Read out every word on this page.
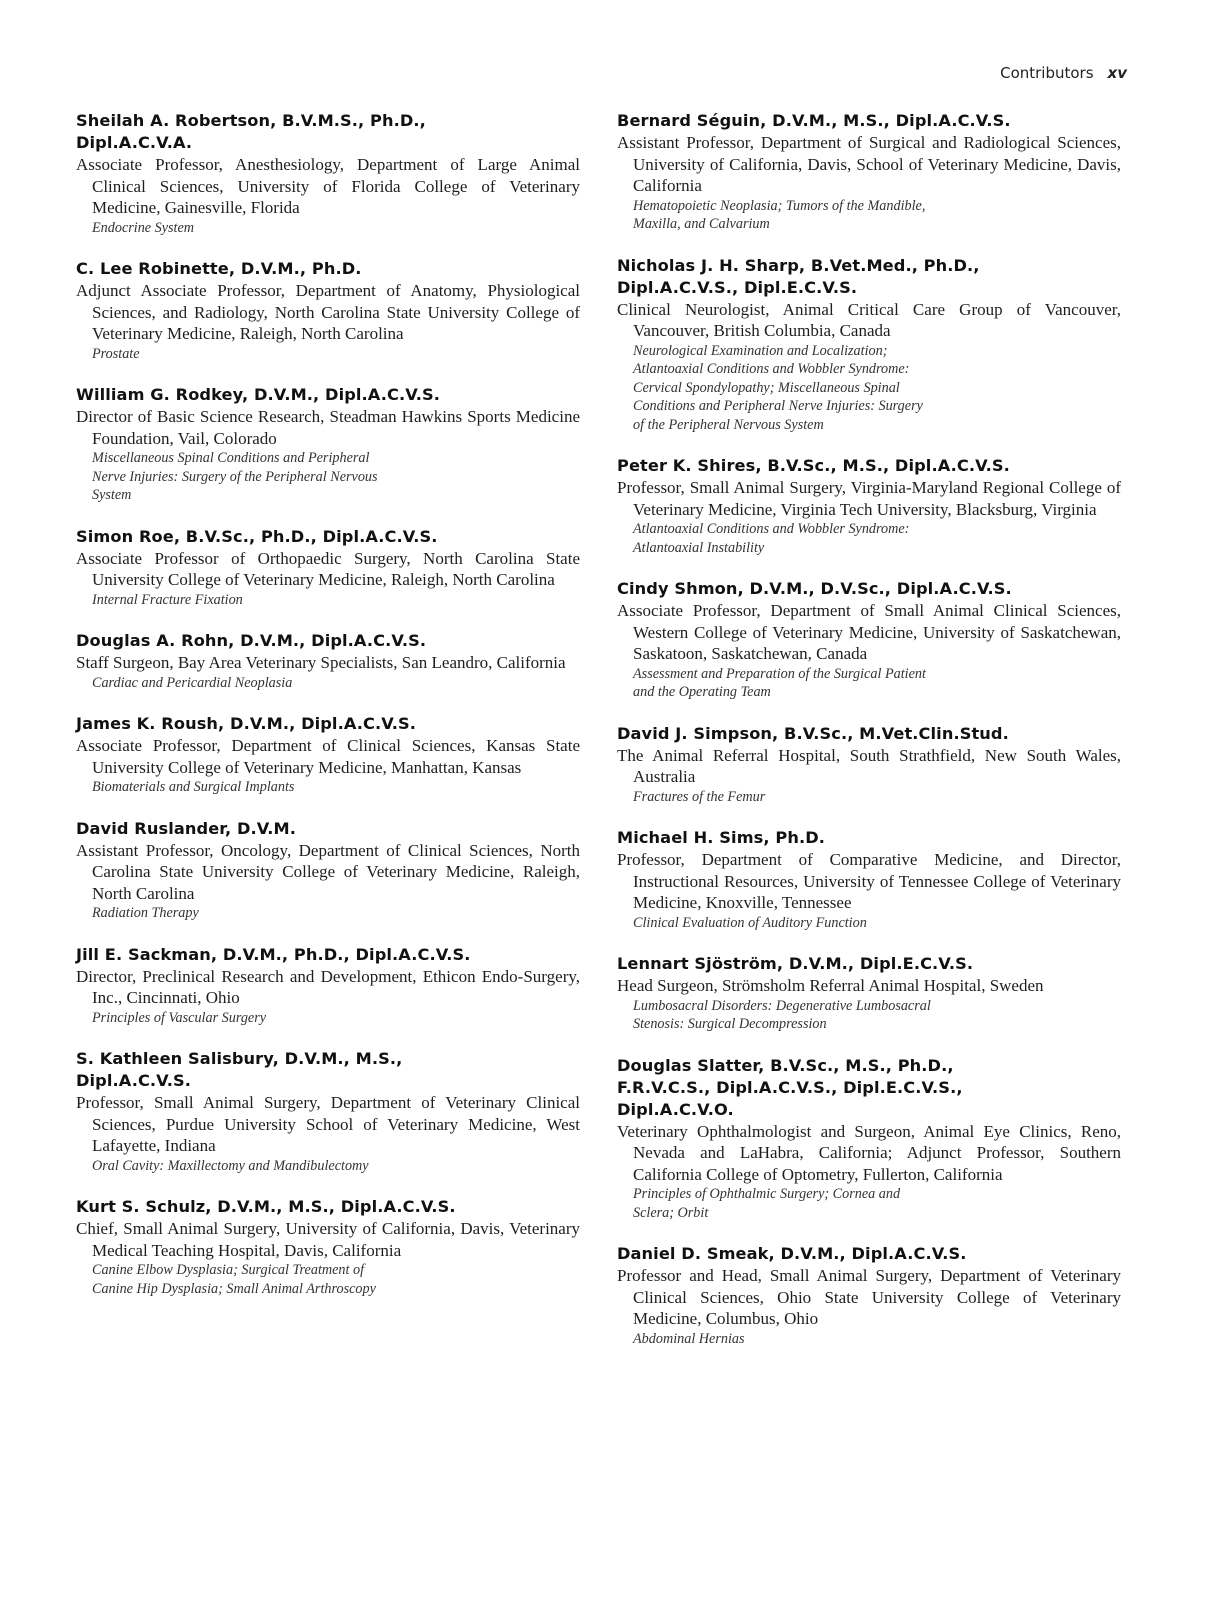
Contributors xv
Sheilah A. Robertson, B.V.M.S., Ph.D.,
Dipl.A.C.V.A.
Associate Professor, Anesthesiology, Department of Large Animal Clinical Sciences, University of Florida College of Veterinary Medicine, Gainesville, Florida
Endocrine System
C. Lee Robinette, D.V.M., Ph.D.
Adjunct Associate Professor, Department of Anatomy, Physiological Sciences, and Radiology, North Carolina State University College of Veterinary Medicine, Raleigh, North Carolina
Prostate
William G. Rodkey, D.V.M., Dipl.A.C.V.S.
Director of Basic Science Research, Steadman Hawkins Sports Medicine Foundation, Vail, Colorado
Miscellaneous Spinal Conditions and Peripheral
Nerve Injuries: Surgery of the Peripheral Nervous
System
Simon Roe, B.V.Sc., Ph.D., Dipl.A.C.V.S.
Associate Professor of Orthopaedic Surgery, North Carolina State University College of Veterinary Medicine, Raleigh, North Carolina
Internal Fracture Fixation
Douglas A. Rohn, D.V.M., Dipl.A.C.V.S.
Staff Surgeon, Bay Area Veterinary Specialists, San Leandro, California
Cardiac and Pericardial Neoplasia
James K. Roush, D.V.M., Dipl.A.C.V.S.
Associate Professor, Department of Clinical Sciences, Kansas State University College of Veterinary Medicine, Manhattan, Kansas
Biomaterials and Surgical Implants
David Ruslander, D.V.M.
Assistant Professor, Oncology, Department of Clinical Sciences, North Carolina State University College of Veterinary Medicine, Raleigh, North Carolina
Radiation Therapy
Jill E. Sackman, D.V.M., Ph.D., Dipl.A.C.V.S.
Director, Preclinical Research and Development, Ethicon Endo-Surgery, Inc., Cincinnati, Ohio
Principles of Vascular Surgery
S. Kathleen Salisbury, D.V.M., M.S.,
Dipl.A.C.V.S.
Professor, Small Animal Surgery, Department of Veterinary Clinical Sciences, Purdue University School of Veterinary Medicine, West Lafayette, Indiana
Oral Cavity: Maxillectomy and Mandibulectomy
Kurt S. Schulz, D.V.M., M.S., Dipl.A.C.V.S.
Chief, Small Animal Surgery, University of California, Davis, Veterinary Medical Teaching Hospital, Davis, California
Canine Elbow Dysplasia; Surgical Treatment of
Canine Hip Dysplasia; Small Animal Arthroscopy
Bernard Séguin, D.V.M., M.S., Dipl.A.C.V.S.
Assistant Professor, Department of Surgical and Radiological Sciences, University of California, Davis, School of Veterinary Medicine, Davis, California
Hematopoietic Neoplasia; Tumors of the Mandible,
Maxilla, and Calvarium
Nicholas J. H. Sharp, B.Vet.Med., Ph.D.,
Dipl.A.C.V.S., Dipl.E.C.V.S.
Clinical Neurologist, Animal Critical Care Group of Vancouver, Vancouver, British Columbia, Canada
Neurological Examination and Localization;
Atlantoaxial Conditions and Wobbler Syndrome:
Cervical Spondylopathy; Miscellaneous Spinal
Conditions and Peripheral Nerve Injuries: Surgery
of the Peripheral Nervous System
Peter K. Shires, B.V.Sc., M.S., Dipl.A.C.V.S.
Professor, Small Animal Surgery, Virginia-Maryland Regional College of Veterinary Medicine, Virginia Tech University, Blacksburg, Virginia
Atlantoaxial Conditions and Wobbler Syndrome:
Atlantoaxial Instability
Cindy Shmon, D.V.M., D.V.Sc., Dipl.A.C.V.S.
Associate Professor, Department of Small Animal Clinical Sciences, Western College of Veterinary Medicine, University of Saskatchewan, Saskatoon, Saskatchewan, Canada
Assessment and Preparation of the Surgical Patient
and the Operating Team
David J. Simpson, B.V.Sc., M.Vet.Clin.Stud.
The Animal Referral Hospital, South Strathfield, New South Wales, Australia
Fractures of the Femur
Michael H. Sims, Ph.D.
Professor, Department of Comparative Medicine, and Director, Instructional Resources, University of Tennessee College of Veterinary Medicine, Knoxville, Tennessee
Clinical Evaluation of Auditory Function
Lennart Sjöström, D.V.M., Dipl.E.C.V.S.
Head Surgeon, Strömsholm Referral Animal Hospital, Sweden
Lumbosacral Disorders: Degenerative Lumbosacral
Stenosis: Surgical Decompression
Douglas Slatter, B.V.Sc., M.S., Ph.D.,
F.R.V.C.S., Dipl.A.C.V.S., Dipl.E.C.V.S.,
Dipl.A.C.V.O.
Veterinary Ophthalmologist and Surgeon, Animal Eye Clinics, Reno, Nevada and LaHabra, California; Adjunct Professor, Southern California College of Optometry, Fullerton, California
Principles of Ophthalmic Surgery; Cornea and
Sclera; Orbit
Daniel D. Smeak, D.V.M., Dipl.A.C.V.S.
Professor and Head, Small Animal Surgery, Department of Veterinary Clinical Sciences, Ohio State University College of Veterinary Medicine, Columbus, Ohio
Abdominal Hernias
